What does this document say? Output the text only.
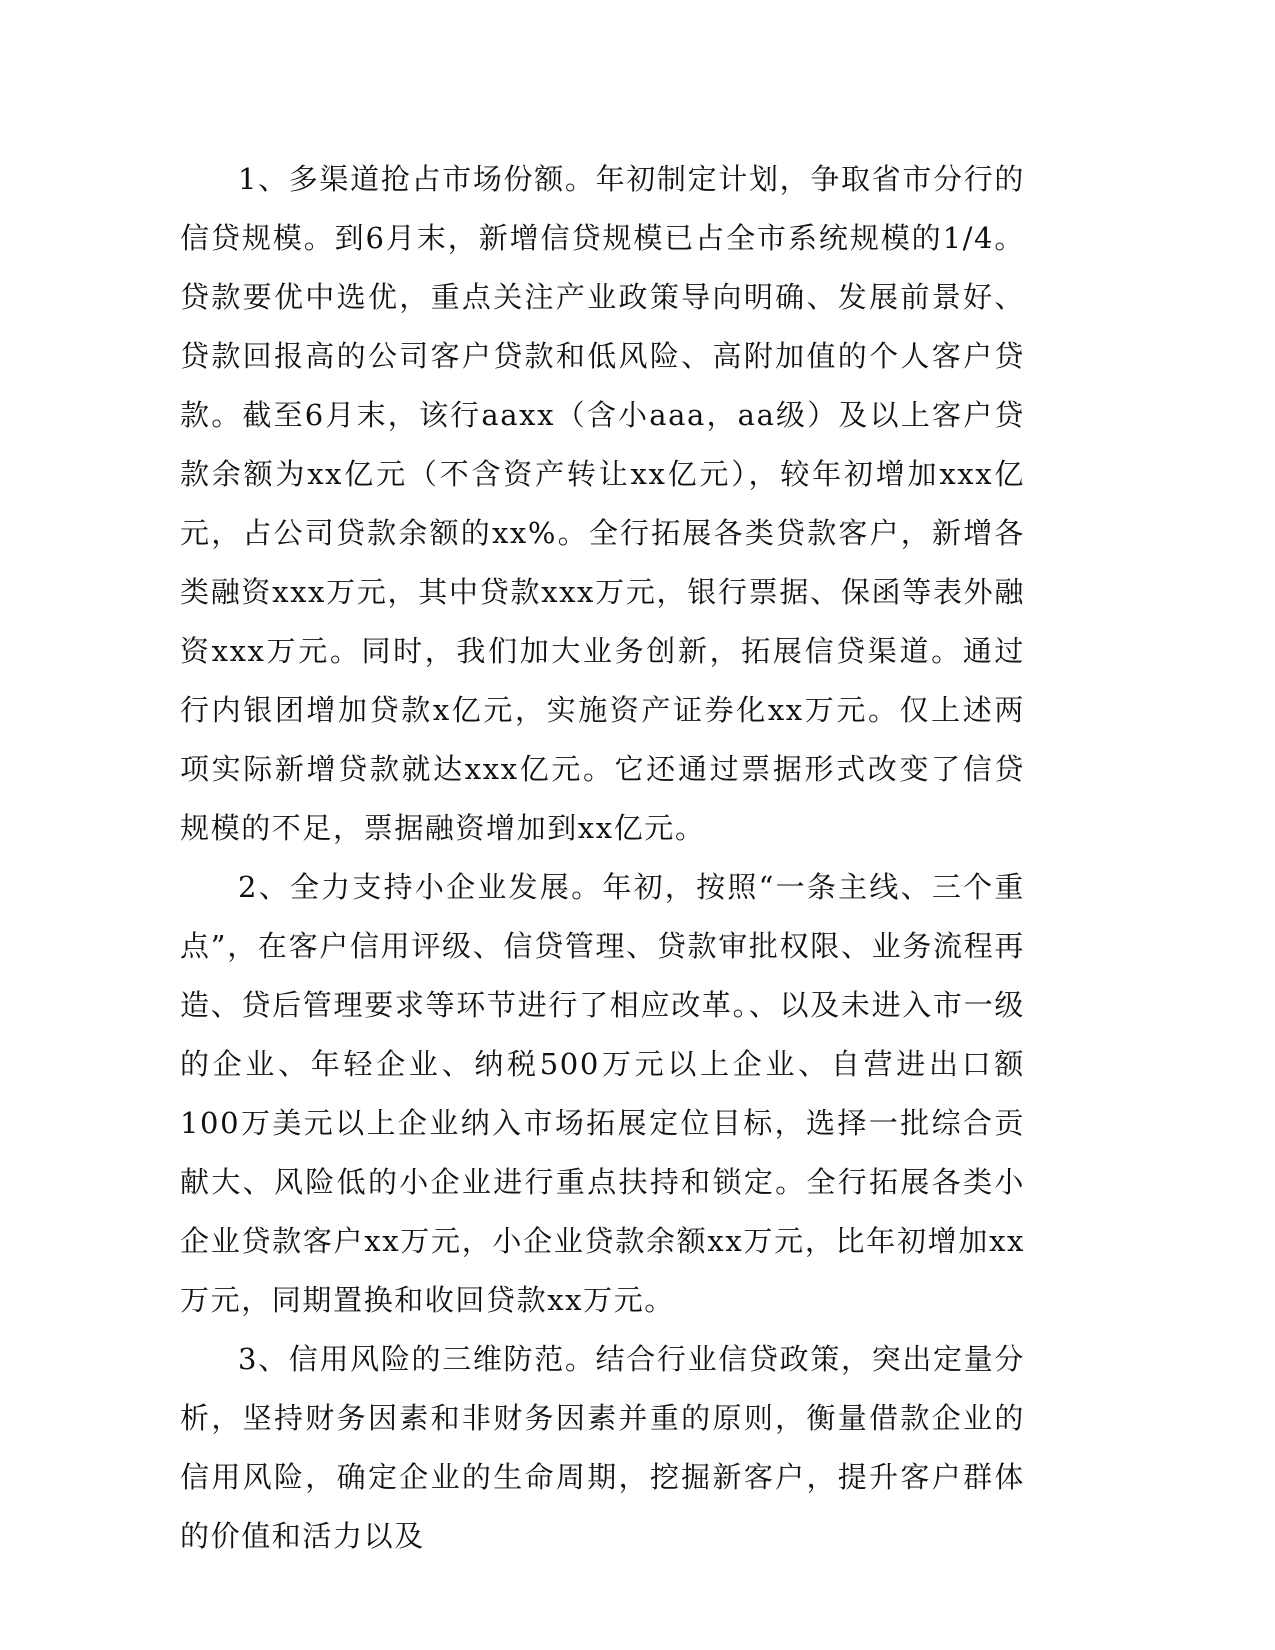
1、多渠道抢占市场份额。年初制定计划，争取省市分行的信贷规模。到6月末，新增信贷规模已占全市系统规模的1/4。贷款要优中选优，重点关注产业政策导向明确、发展前景好、贷款回报高的公司客户贷款和低风险、高附加值的个人客户贷款。截至6月末，该行aaxx（含小aaa，aa级）及以上客户贷款余额为xx亿元（不含资产转让xx亿元），较年初增加xxx亿元，占公司贷款余额的xx%。全行拓展各类贷款客户，新增各类融资xxx万元，其中贷款xxx万元，银行票据、保函等表外融资xxx万元。同时，我们加大业务创新，拓展信贷渠道。通过行内银团增加贷款x亿元，实施资产证券化xx万元。仅上述两项实际新增贷款就达xxx亿元。它还通过票据形式改变了信贷规模的不足，票据融资增加到xx亿元。

2、全力支持小企业发展。年初，按照“一条主线、三个重点”，在客户信用评级、信贷管理、贷款审批权限、业务流程再造、贷后管理要求等环节进行了相应改革。、以及未进入市一级的企业、年轻企业、纳税500万元以上企业、自营进出口额100万美元以上企业纳入市场拓展定位目标，选择一批综合贡献大、风险低的小企业进行重点扶持和锁定。全行拓展各类小企业贷款客户xx万元，小企业贷款余额xx万元，比年初增加xx万元，同期置换和收回贷款xx万元。

3、信用风险的三维防范。结合行业信贷政策，突出定量分析，坚持财务因素和非财务因素并重的原则，衡量借款企业的信用风险，确定企业的生命周期，挖掘新客户，提升客户群体的价值和活力以及
